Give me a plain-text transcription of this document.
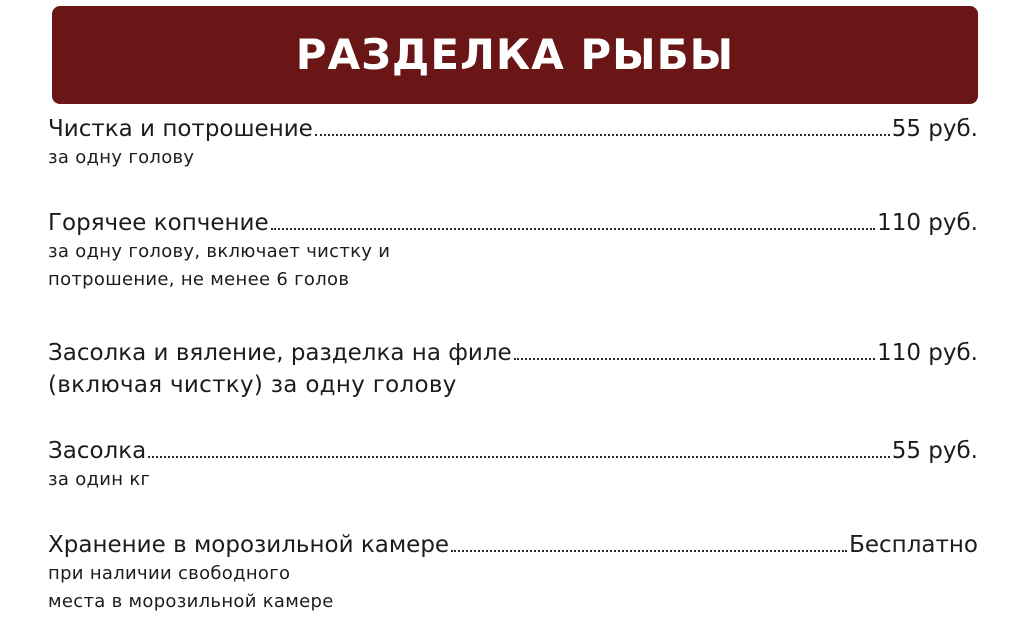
РАЗДЕЛКА РЫБЫ
Чистка и потрошение	55 руб.
за одну голову
Горячее копчение	110 руб.
за одну голову, включает чистку и
потрошение, не менее 6 голов
Засолка и вяление, разделка на филе	110 руб.
(включая чистку) за одну голову
Засолка	55 руб.
за один кг
Хранение в морозильной камере	Бесплатно
при наличии свободного
места в морозильной камере
